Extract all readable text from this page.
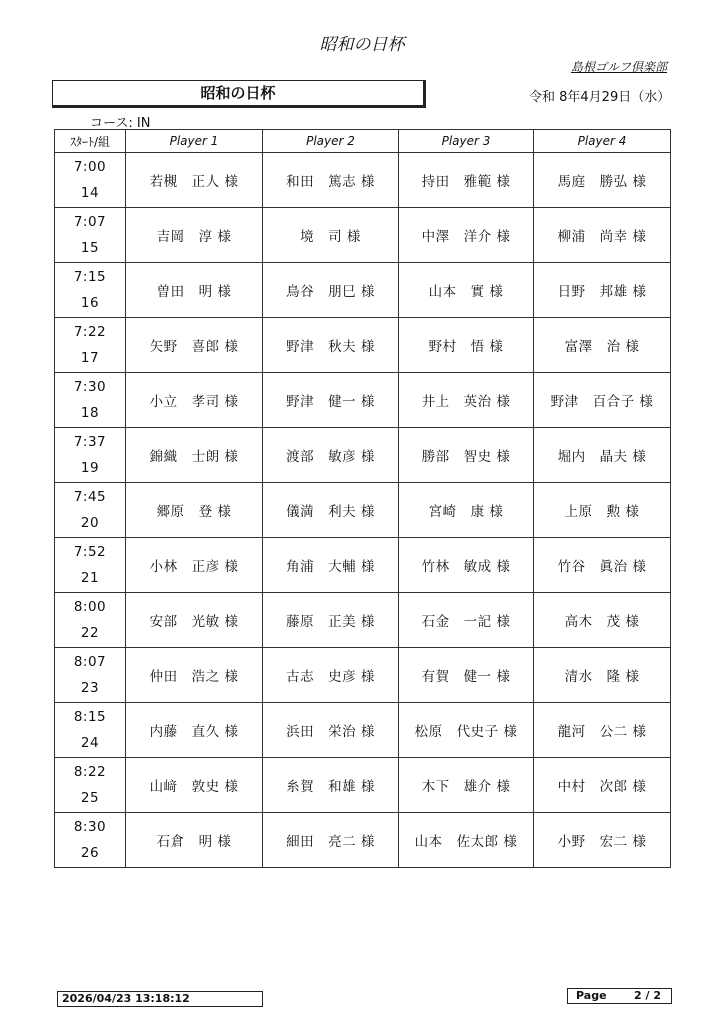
昭和の日杯
島根ゴルフ倶楽部
昭和の日杯	令和 8年4月29日（水）
コース: IN
ｽﾀｰﾄ/組	Player 1	Player 2	Player 3	Player 4

7:00
14	若槻　正人 様	和田　篤志 様	持田　雅範 様	馬庭　勝弘 様

7:07
15	吉岡　淳 様	境　司 様	中澤　洋介 様	柳浦　尚幸 様

7:15
16	曽田　明 様	鳥谷　朋巳 様	山本　實 様	日野　邦雄 様

7:22
17	矢野　喜郎 様	野津　秋夫 様	野村　悟 様	富澤　治 様

7:30
18	小立　孝司 様	野津　健一 様	井上　英治 様	野津　百合子 様

7:37
19	錦織　士朗 様	渡部　敏彦 様	勝部　智史 様	堀内　晶夫 様

7:45
20	郷原　登 様	儀満　利夫 様	宮崎　康 様	上原　勲 様

7:52
21	小林　正彦 様	角浦　大輔 様	竹林　敏成 様	竹谷　眞治 様

8:00
22	安部　光敏 様	藤原　正美 様	石金　一記 様	高木　茂 様

8:07
23	仲田　浩之 様	古志　史彦 様	有賀　健一 様	清水　隆 様

8:15
24	内藤　直久 様	浜田　栄治 様	松原　代史子 様	龍河　公二 様

8:22
25	山﨑　敦史 様	糸賀　和雄 様	木下　雄介 様	中村　次郎 様

8:30
26	石倉　明 様	細田　亮二 様	山本　佐太郎 様	小野　宏二 様
2026/04/23 13:18:12	Page 2 / 2
